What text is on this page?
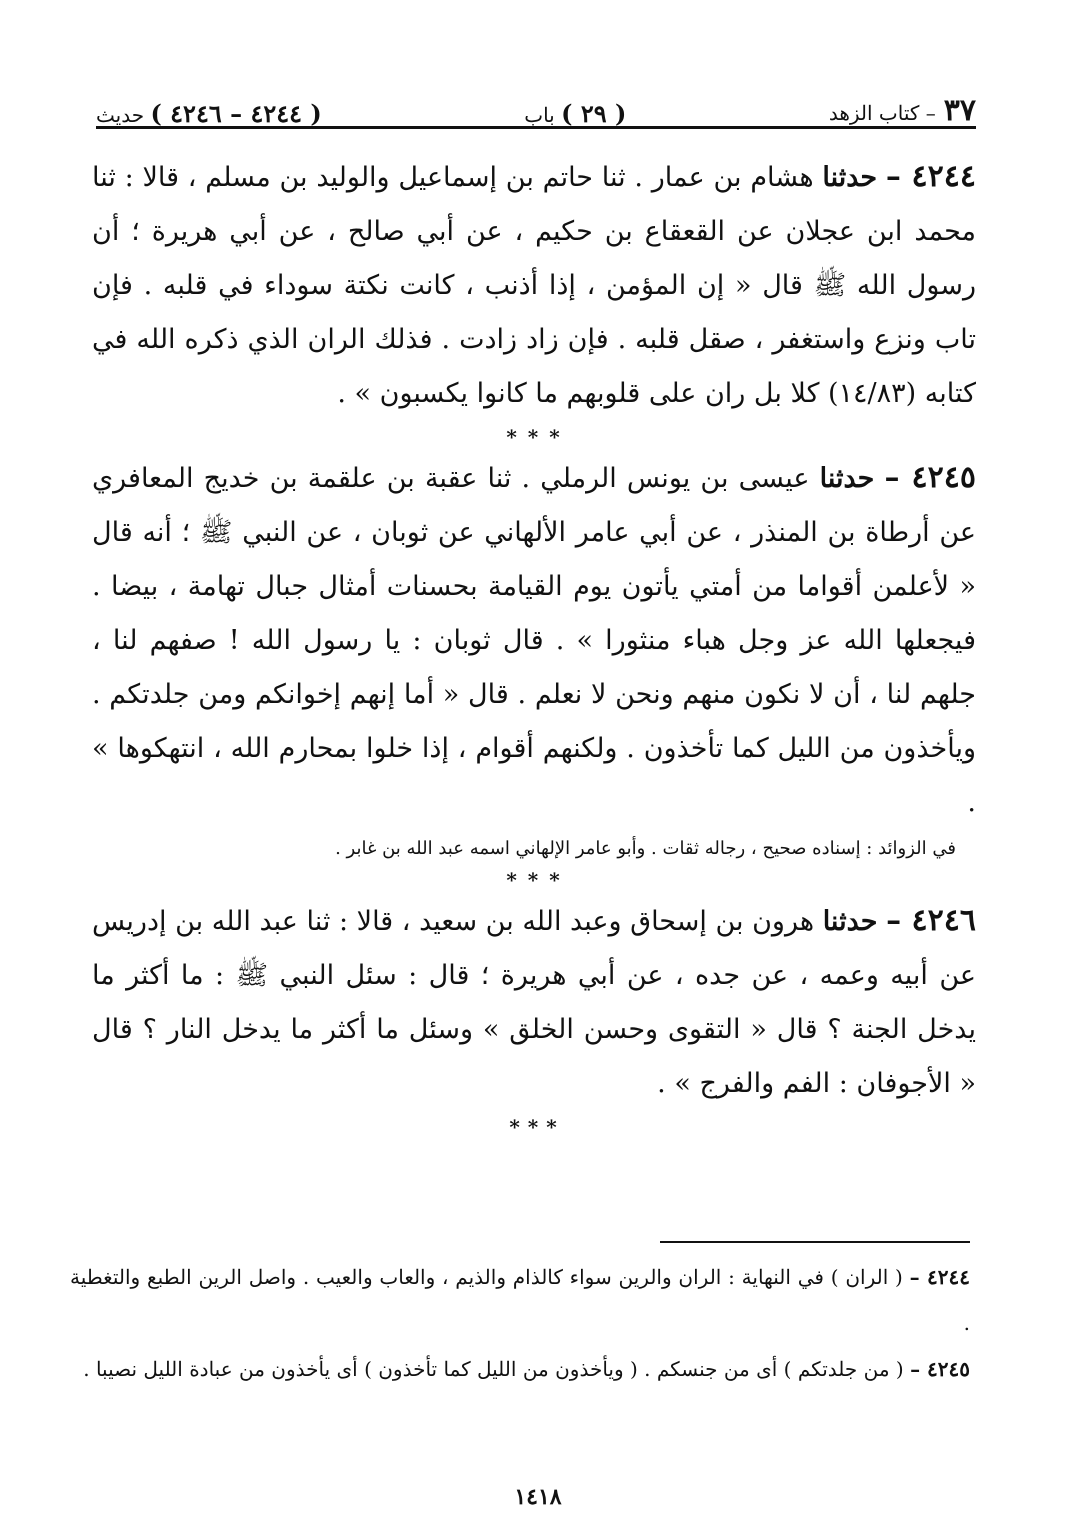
٣٧
– كتاب الزهد
( ٢٩ ) باب
( ٤٢٤٤ – ٤٢٤٦ ) حديث

٤٢٤٤ – حدثنا هشام بن عمار . ثنا حاتم بن إسماعيل والوليد بن مسلم ، قالا : ثنا محمد ابن عجلان عن القعقاع بن حكيم ، عن أبي صالح ، عن أبي هريرة ؛ أن رسول الله ﷺ قال « إن المؤمن ، إذا أذنب ، كانت نكتة سوداء في قلبه . فإن تاب ونزع واستغفر ، صقل قلبه . فإن زاد زادت . فذلك الران الذي ذكره الله في كتابه (١٤/٨٣) كلا بل ران على قلوبهم ما كانوا يكسبون » .

* * *

٤٢٤٥ – حدثنا عيسى بن يونس الرملي . ثنا عقبة بن علقمة بن خديج المعافري عن أرطاة بن المنذر ، عن أبي عامر الألهاني عن ثوبان ، عن النبي ﷺ ؛ أنه قال « لأعلمن أقواما من أمتي يأتون يوم القيامة بحسنات أمثال جبال تهامة ، بيضا . فيجعلها الله عز وجل هباء منثورا » . قال ثوبان : يا رسول الله ! صفهم لنا ، جلهم لنا ، أن لا نكون منهم ونحن لا نعلم . قال « أما إنهم إخوانكم ومن جلدتكم . ويأخذون من الليل كما تأخذون . ولكنهم أقوام ، إذا خلوا بمحارم الله ، انتهكوها » .

في الزوائد : إسناده صحيح ، رجاله ثقات . وأبو عامر الإلهاني اسمه عبد الله بن غابر .
* * *

٤٢٤٦ – حدثنا هرون بن إسحاق وعبد الله بن سعيد ، قالا : ثنا عبد الله بن إدريس عن أبيه وعمه ، عن جده ، عن أبي هريرة ؛ قال : سئل النبي ﷺ : ما أكثر ما يدخل الجنة ؟ قال « التقوى وحسن الخلق » وسئل ما أكثر ما يدخل النار ؟ قال « الأجوفان : الفم والفرج » .

* * *

٤٢٤٤ – ( الران ) في النهاية : الران والرين سواء كالذام والذيم ، والعاب والعيب . واصل الرين الطبع والتغطية .

٤٢٤٥ – ( من جلدتكم ) أى من جنسكم . ( ويأخذون من الليل كما تأخذون ) أى يأخذون من عبادة الليل نصيبا .

١٤١٨
